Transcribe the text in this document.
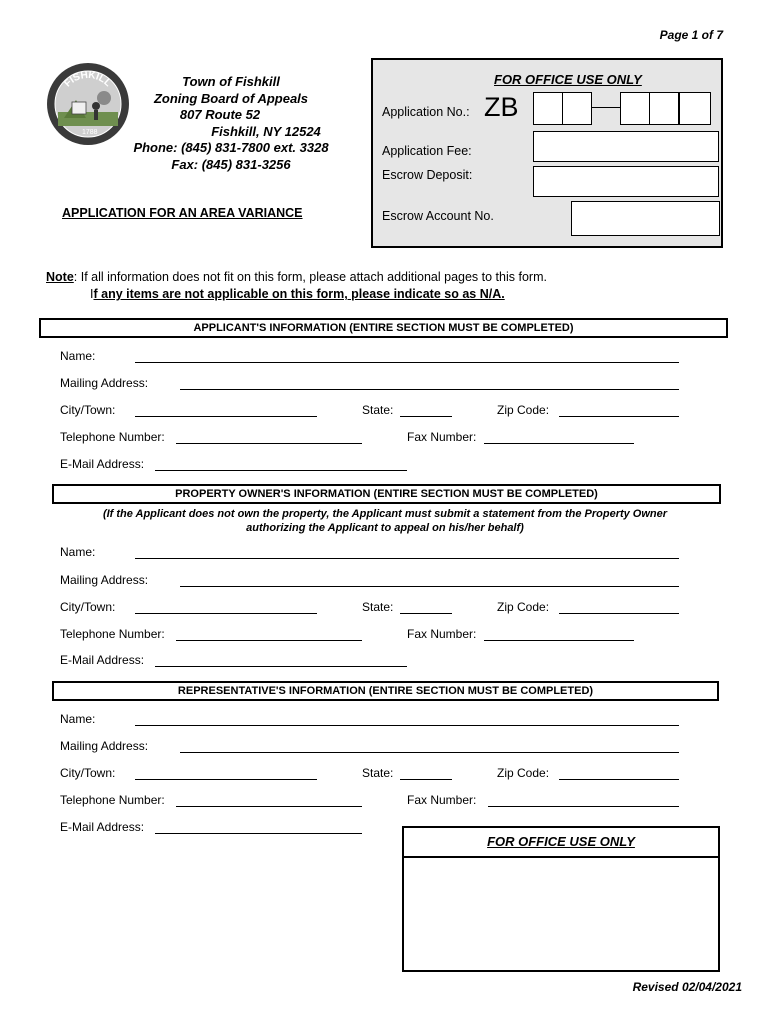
Page 1 of 7
FISHKILL
1788
Town of Fishkill
Zoning Board of Appeals
807 Route 52
Fishkill, NY 12524
Phone: (845) 831-7800 ext. 3328
Fax: (845) 831-3256
APPLICATION FOR AN AREA VARIANCE
FOR OFFICE USE ONLY
Application No.: ZB
Application Fee:
Escrow Deposit:
Escrow Account No.
Note: If all information does not fit on this form, please attach additional pages to this form.
If any items are not applicable on this form, please indicate so as N/A.
APPLICANT'S INFORMATION (ENTIRE SECTION MUST BE COMPLETED)
Name:
Mailing Address:
City/Town:	State:	Zip Code:
Telephone Number:	Fax Number:
E-Mail Address:
PROPERTY OWNER'S INFORMATION (ENTIRE SECTION MUST BE COMPLETED)
(If the Applicant does not own the property, the Applicant must submit a statement from the Property Owner
authorizing the Applicant to appeal on his/her behalf)
Name:
Mailing Address:
City/Town:	State:	Zip Code:
Telephone Number:	Fax Number:
E-Mail Address:
REPRESENTATIVE'S INFORMATION (ENTIRE SECTION MUST BE COMPLETED)
Name:
Mailing Address:
City/Town:	State:	Zip Code:
Telephone Number:	Fax Number:
E-Mail Address:
FOR OFFICE USE ONLY
Revised 02/04/2021
